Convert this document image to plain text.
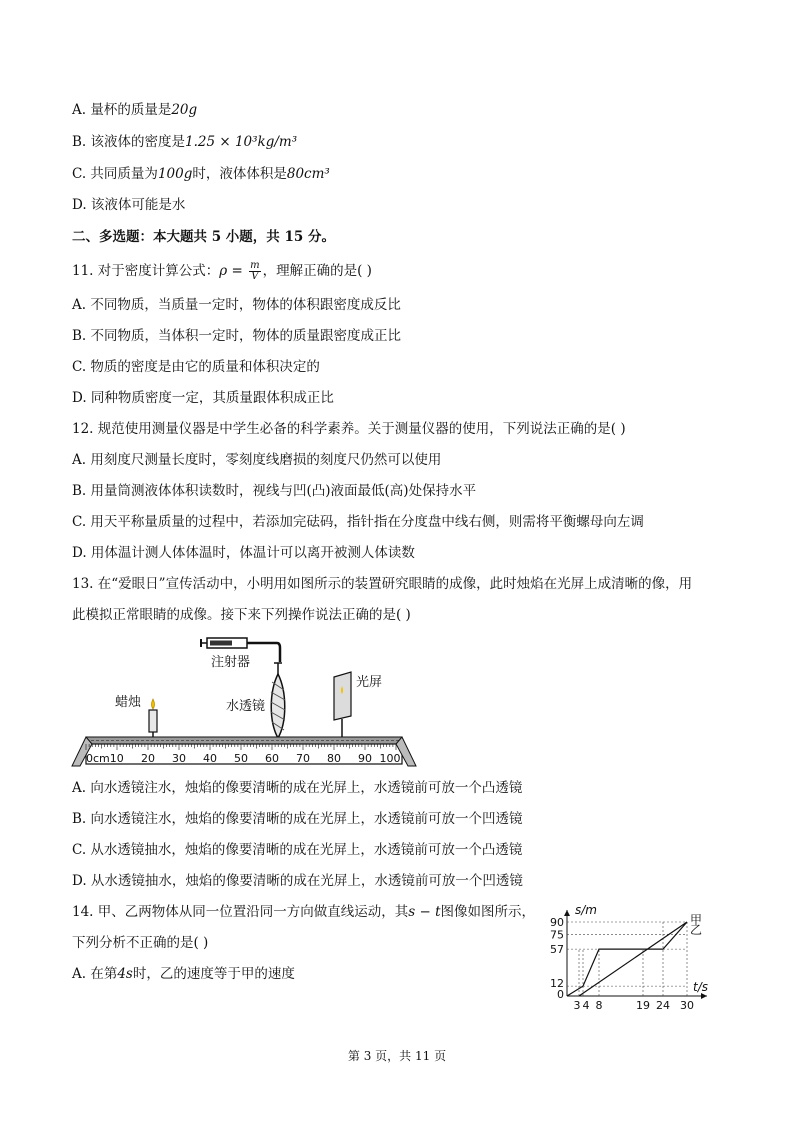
A. 量杯的质量是20g
B. 该液体的密度是1.25 × 10³kg/m³
C. 共同质量为100g时，液体体积是80cm³
D. 该液体可能是水
二、多选题：本大题共 5 小题，共 15 分。
11. 对于密度计算公式：$\rho = \frac{m}{V}$ ，理解正确的是( )
A. 不同物质，当质量一定时，物体的体积跟密度成反比
B. 不同物质，当体积一定时，物体的质量跟密度成正比
C. 物质的密度是由它的质量和体积决定的
D. 同种物质密度一定，其质量跟体积成正比
12. 规范使用测量仪器是中学生必备的科学素养。关于测量仪器的使用，下列说法正确的是( )
A. 用刻度尺测量长度时，零刻度线磨损的刻度尺仍然可以使用
B. 用量筒测液体体积读数时，视线与凹(凸)液面最低(高)处保持水平
C. 用天平称量质量的过程中，若添加完砝码，指针指在分度盘中线右侧，则需将平衡螺母向左调
D. 用体温计测人体体温时，体温计可以离开被测人体读数
13. 在“爱眼日”宣传活动中，小明用如图所示的装置研究眼睛的成像，此时烛焰在光屏上成清晰的像，用
此模拟正常眼睛的成像。接下来下列操作说法正确的是( )
注射器
水透镜
蜡烛
光屏
0cm10 20 30 40 50 60 70 80 90 100
A. 向水透镜注水，烛焰的像要清晰的成在光屏上，水透镜前可放一个凸透镜
B. 向水透镜注水，烛焰的像要清晰的成在光屏上，水透镜前可放一个凹透镜
C. 从水透镜抽水，烛焰的像要清晰的成在光屏上，水透镜前可放一个凸透镜
D. 从水透镜抽水，烛焰的像要清晰的成在光屏上，水透镜前可放一个凹透镜
14. 甲、乙两物体从同一位置沿同一方向做直线运动，其s − t图像如图所示，
下列分析不正确的是( )
A. 在第4s时，乙的速度等于甲的速度
s/m
t/s
0
12
57
75
90
3 4 8	19 24 30
甲
乙
第 3 页，共 11 页
